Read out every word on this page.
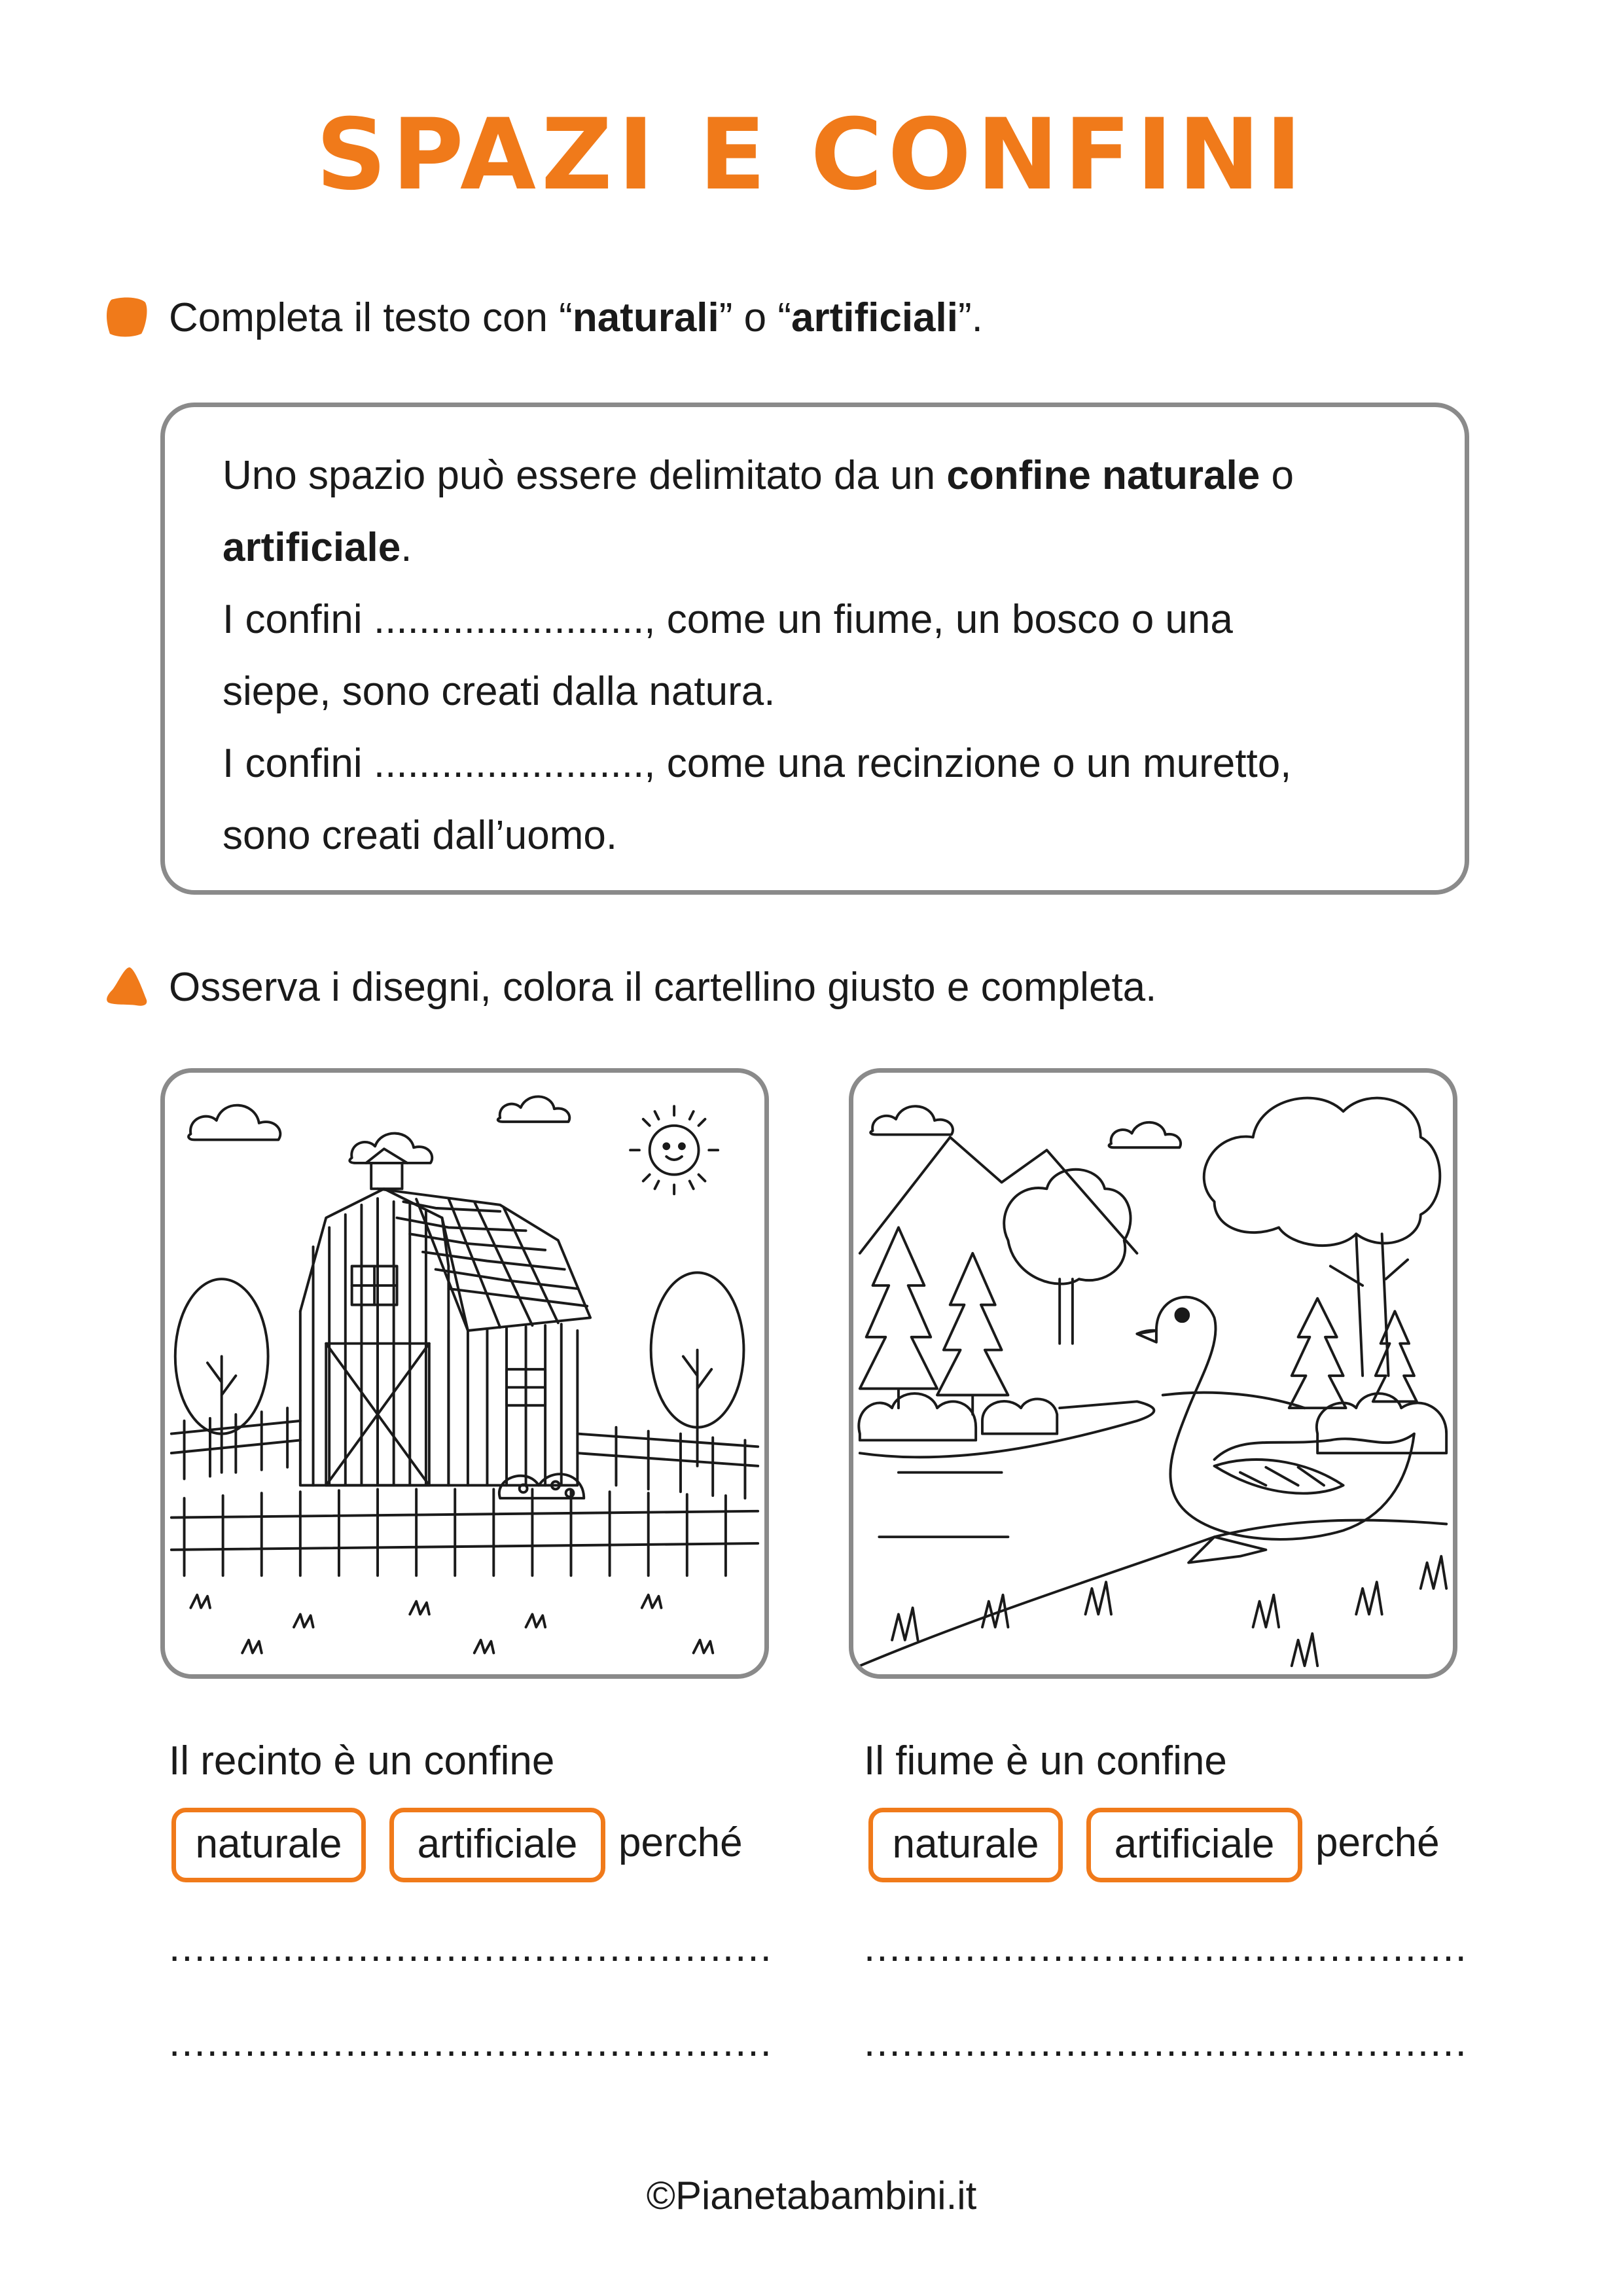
SPAZI E CONFINI
Completa il testo con “naturali” o “artificiali”.
Uno spazio può essere delimitato da un confine naturale o
artificiale.
I confini ........................, come un fiume, un bosco o una
siepe, sono creati dalla natura.
I confini ........................, come una recinzione o un muretto,
sono creati dall’uomo.
Osserva i disegni, colora il cartellino giusto e completa.
Il recinto è un confine
naturale	artificiale	perché
................................................
................................................
Il fiume è un confine
naturale	artificiale	perché
................................................
................................................
©Pianetabambini.it
